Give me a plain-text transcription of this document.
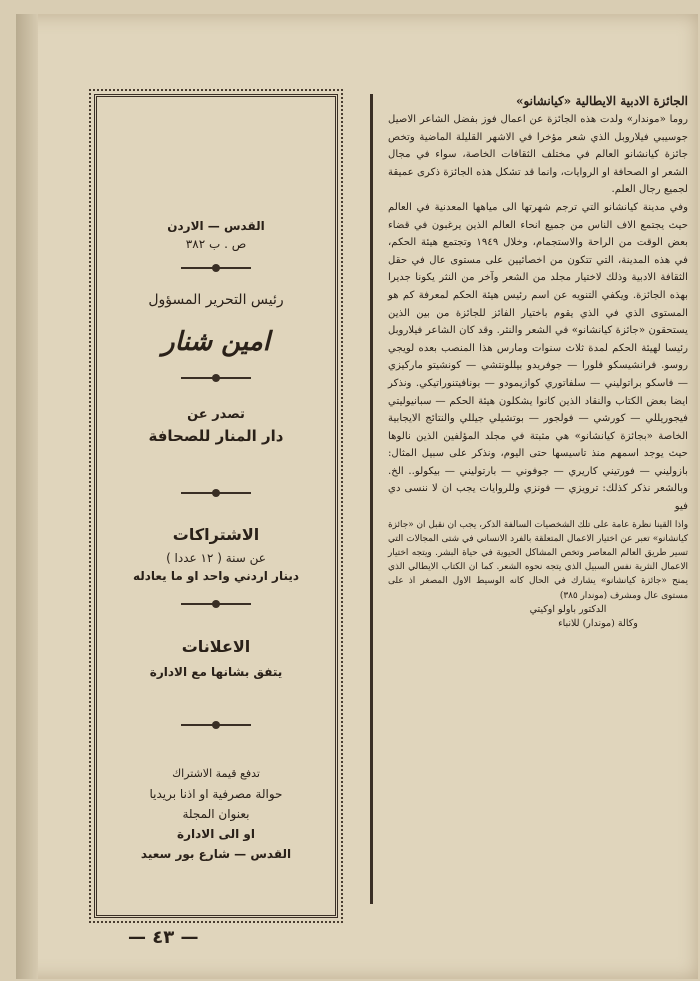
القدس — الاردن
ص . ب ٣٨٢
رئيس التحرير المسؤول
امين شنار
تصدر عن
دار المنار للصحافة
الاشتراكات
عن سنة ( ١٢ عددا )
دينار اردني واحد او ما يعادله
الاعلانات
يتفق بشانها مع الادارة
تدفع قيمة الاشتراك
حوالة مصرفية او اذنا بريديا
بعنوان المجلة
او الى الادارة
القدس — شارع بور سعيد
الجائزة الادبية الايطالية «كيانشانو»

روما «موندار» ولدت هذه الجائزة عن اعمال فوز بفضل الشاعر الاصيل جوسيبي فيلاروبل الذي شعر مؤخرا في الاشهر القليلة الماضية وتخص جائزة كيانشانو العالم في مختلف الثقافات الخاصة، سواء في مجال الشعر او الصحافة او الروايات، وانما قد تشكل هذه الجائزة ذكرى عميقة لجميع رجال العلم.

وفي مدينة كيانشانو التي ترجم شهرتها الى مياهها المعدنية في العالم حيث يجتمع الاف الناس من جميع انحاء العالم الذين يرغبون في قضاء بعض الوقت من الراحة والاستجمام، وخلال ١٩٤٩ وتجتمع هيئة الحكم، في هذه المدينة، التي تتكون من اخصائيين على مستوى عال في حقل الثقافة الادبية وذلك لاختيار مجلد من الشعر وآخر من النثر يكونا جديرا بهذه الجائزة. ويكفي التنويه عن اسم رئيس هيئة الحكم لمعرفة كم هو المستوى الذي في الذي يقوم باختيار الفائز للجائزة من بين الذين يستحقون «جائزة كيانشانو» في الشعر والنثر. وقد كان الشاعر فيلاروبل رئيسا لهيئة الحكم لمدة ثلاث سنوات ومارس هذا المنصب بعده لويجي روسو. فرانشيسكو فلورا — جوفريدو بيللونتشي — كونشيتو ماركيزي — فاسكو براتوليني — سلفاتوري كوازيمودو — بونافيتنوراتيكي. ونذكر ايضا بعض الكتاب والنقاد الذين كانوا يشكلون هيئة الحكم — سبانيوليتي فيجوريللي — كورشي — فولجور — بوتشيلي جيللي والنتائج الايجابية الخاصة «بجائزة كيانشانو» هي مثبتة في مجلد المؤلفين الذين نالوها حيث يوجد اسمهم منذ تاسيسها حتى اليوم، ونذكر على سبيل المثال: بازوليني — فورتيني كاريري — جوفوني — بارتوليني — بيكولو.. الخ. وبالشعر نذكر كذلك: ترويزي — فونزي وللروايات يجب ان لا ننسى دي فيو

واذا القينا نظرة عامة على تلك الشخصيات السالفة الذكر، يجب ان نقبل ان «جائزة كيانشانو» تعبر عن اختيار الاعمال المتعلقة بالفرد الانساني في شتى المجالات التي تسير طريق العالم المعاصر وتخص المشاكل الحيوية في حياة البشر. ويتجه اختيار الاعمال النثرية نفس السبيل الذي يتجه نحوه الشعر. كما ان الكتاب الايطالي الذي يمنح «جائزة كيانشانو» يشارك في الحال كانه الوسيط الاول المصغر اذ على مستوى عال ومشرف (موندار ٣٨٥)

الدكتور باولو اوكيتي
وكالة (موندار) للانباء
— ٤٣ —
